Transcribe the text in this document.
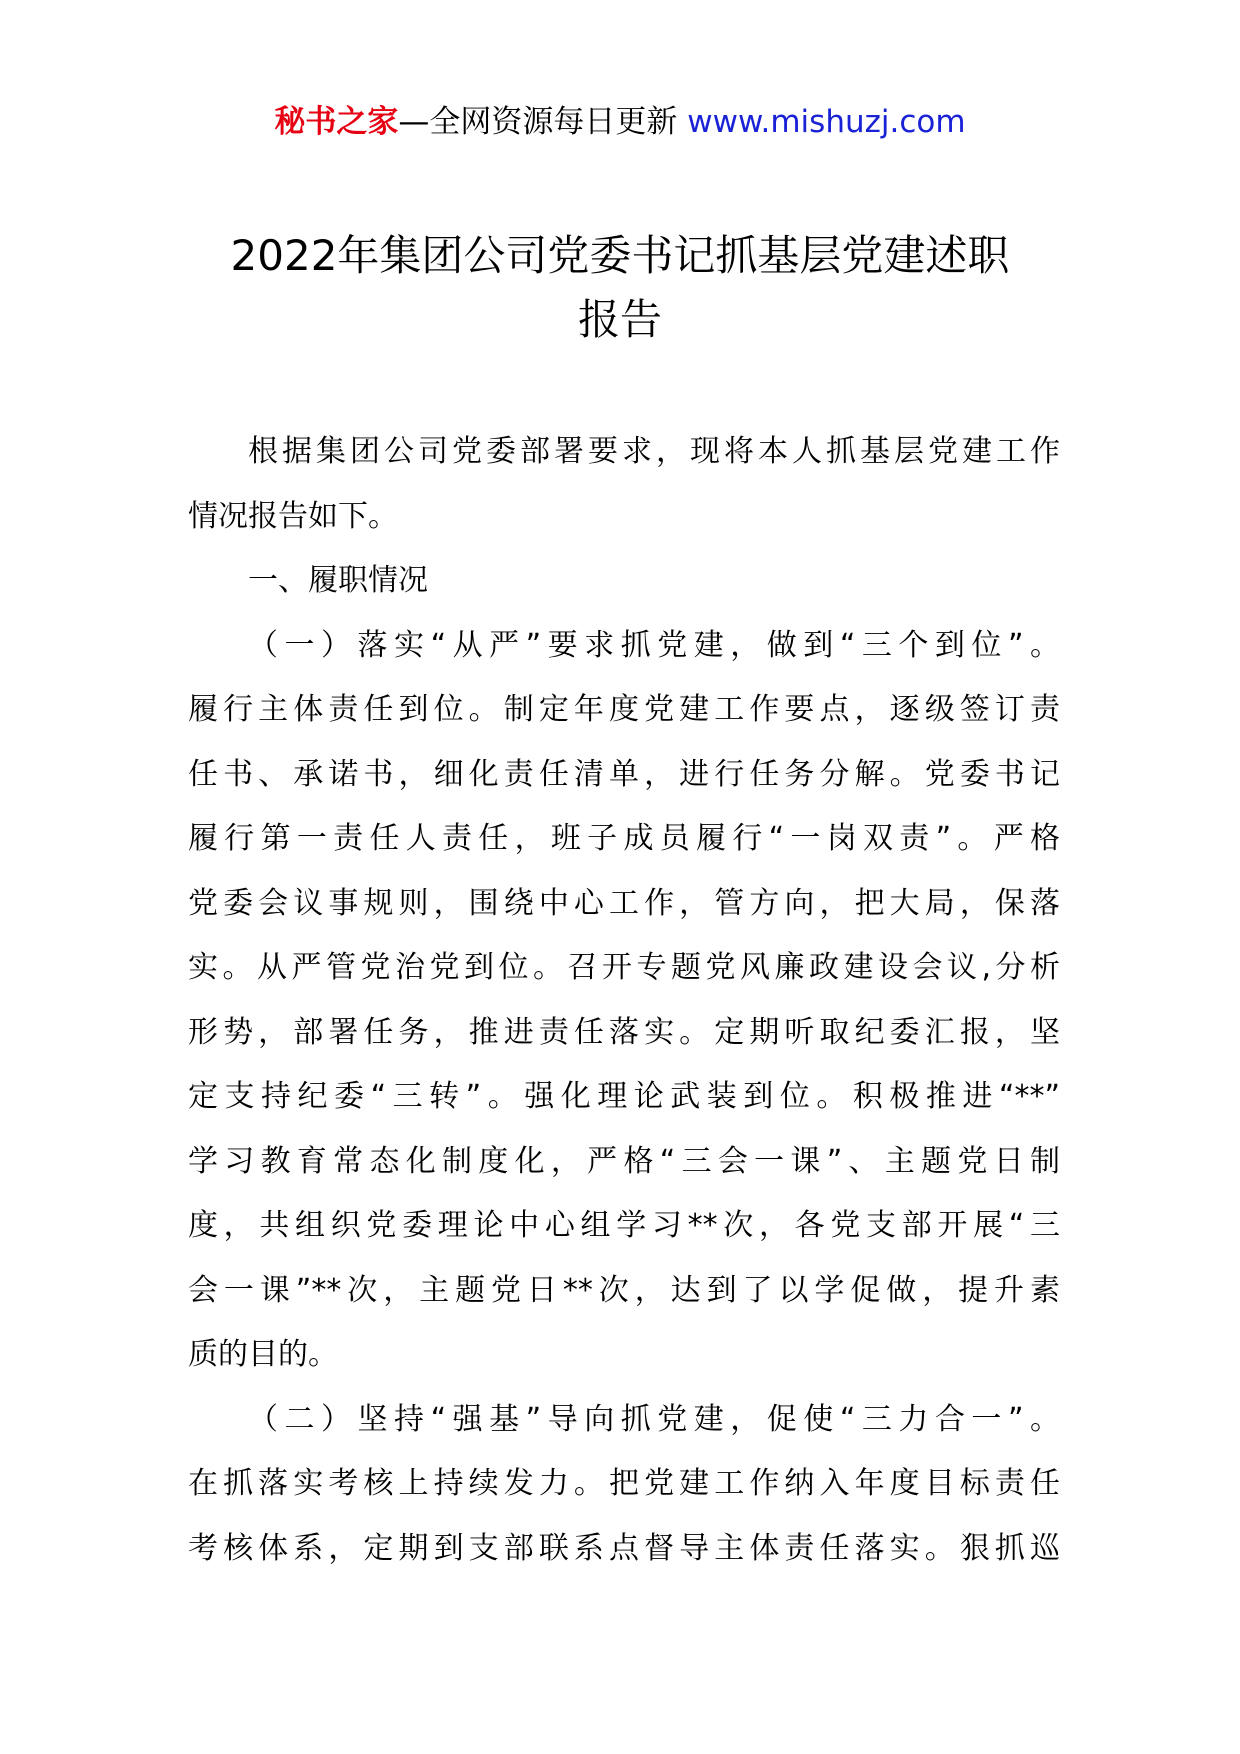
秘书之家—全网资源每日更新 www.mishuzj.com
2022年集团公司党委书记抓基层党建述职
报告
根据集团公司党委部署要求，现将本人抓基层党建工作
情况报告如下。
一、履职情况
（一）落实“从严”要求抓党建，做到“三个到位”。
履行主体责任到位。制定年度党建工作要点，逐级签订责
任书、承诺书，细化责任清单，进行任务分解。党委书记
履行第一责任人责任，班子成员履行“一岗双责”。严格
党委会议事规则，围绕中心工作，管方向，把大局，保落
实。从严管党治党到位。召开专题党风廉政建设会议,分析
形势，部署任务，推进责任落实。定期听取纪委汇报，坚
定支持纪委“三转”。强化理论武装到位。积极推进“**”
学习教育常态化制度化，严格“三会一课”、主题党日制
度，共组织党委理论中心组学习**次，各党支部开展“三
会一课”**次，主题党日**次，达到了以学促做，提升素
质的目的。
（二）坚持“强基”导向抓党建，促使“三力合一”。
在抓落实考核上持续发力。把党建工作纳入年度目标责任
考核体系，定期到支部联系点督导主体责任落实。狠抓巡
